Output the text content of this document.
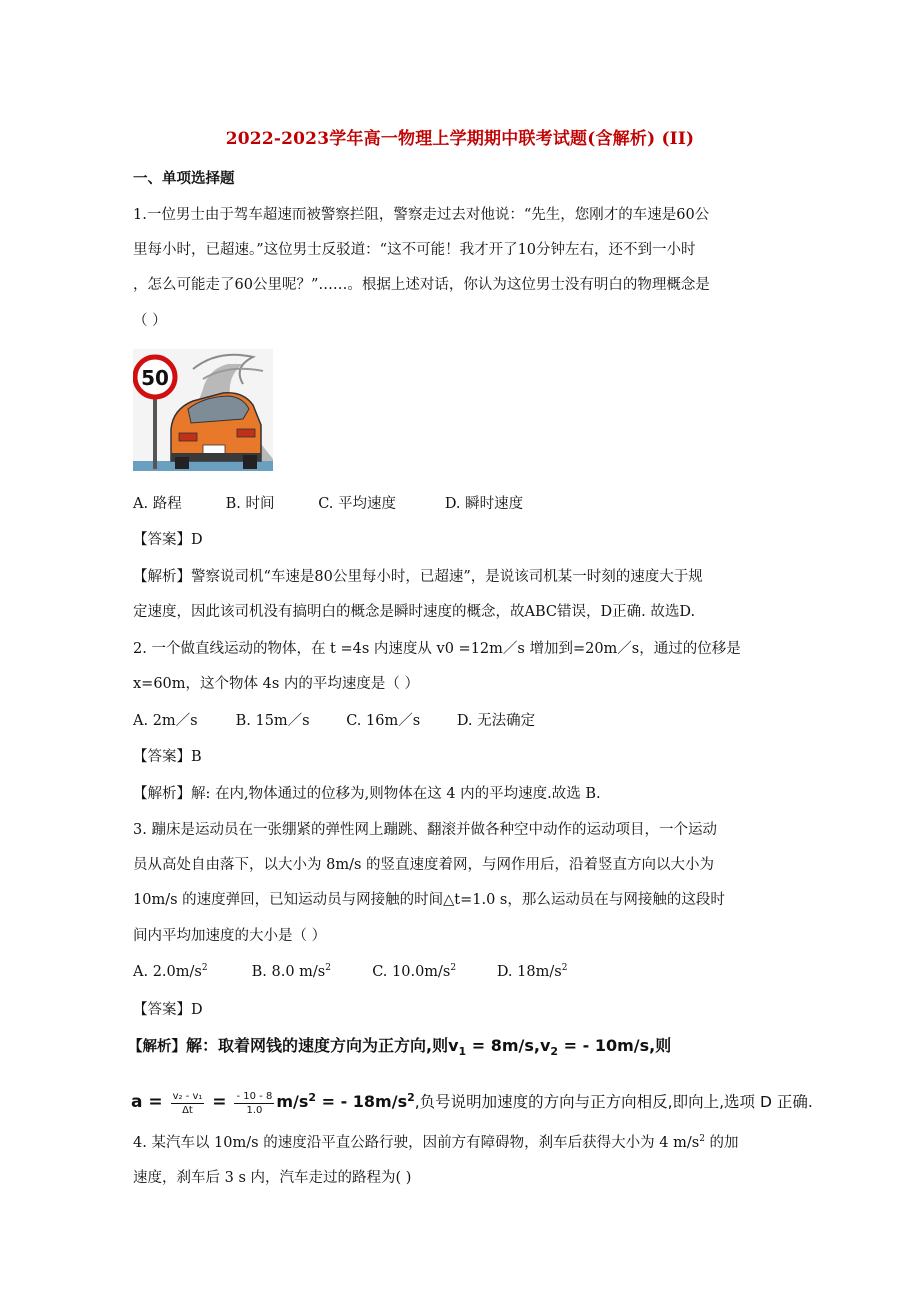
2022-2023学年高一物理上学期期中联考试题(含解析) (II)
一、单项选择题
1.一位男士由于驾车超速而被警察拦阻，警察走过去对他说：“先生，您刚才的车速是60公
里每小时，已超速。”这位男士反驳道：“这不可能！我才开了10分钟左右，还不到一小时
，怎么可能走了60公里呢？”……。根据上述对话，你认为这位男士没有明白的物理概念是
（ ）
50
A. 路程	B. 时间	C. 平均速度	D. 瞬时速度
【答案】D
【解析】警察说司机“车速是80公里每小时，已超速”，是说该司机某一时刻的速度大于规
定速度，因此该司机没有搞明白的概念是瞬时速度的概念，故ABC错误，D正确. 故选D.
2. 一个做直线运动的物体，在 t =4s 内速度从 v0 =12m／s 增加到=20m／s，通过的位移是
x=60m，这个物体 4s 内的平均速度是（ ）
A. 2m／s	B. 15m／s	C. 16m／s	D. 无法确定
【答案】B
【解析】解: 在内,物体通过的位移为,则物体在这 4 内的平均速度.故选 B.
3. 蹦床是运动员在一张绷紧的弹性网上蹦跳、翻滚并做各种空中动作的运动项目，一个运动
员从高处自由落下，以大小为 8m/s 的竖直速度着网，与网作用后，沿着竖直方向以大小为
10m/s 的速度弹回，已知运动员与网接触的时间△t=1.0 s，那么运动员在与网接触的这段时
间内平均加速度的大小是（ ）
A. $2.0m/s^2$	B. 8.0 $m/s^2$	C. $10.0m/s^2$	D. $18m/s^2$
【答案】D
【解析】解：取着网钱的速度方向为正方向,则$v_1 = 8m/s,v_2$ = - 10m/s,则
$a = \frac{\text{v₂ - v₁}}{\Delta t} = \frac{- 10 - 8}{1.0} m/s^2$ = - $18m/s^2$,负号说明加速度的方向与正方向相反,即向上,选项 D 正确.
4. 某汽车以 10m/s 的速度沿平直公路行驶，因前方有障碍物，刹车后获得大小为 4 $m/s^2$ 的加
速度，刹车后 3 s 内，汽车走过的路程为( )
